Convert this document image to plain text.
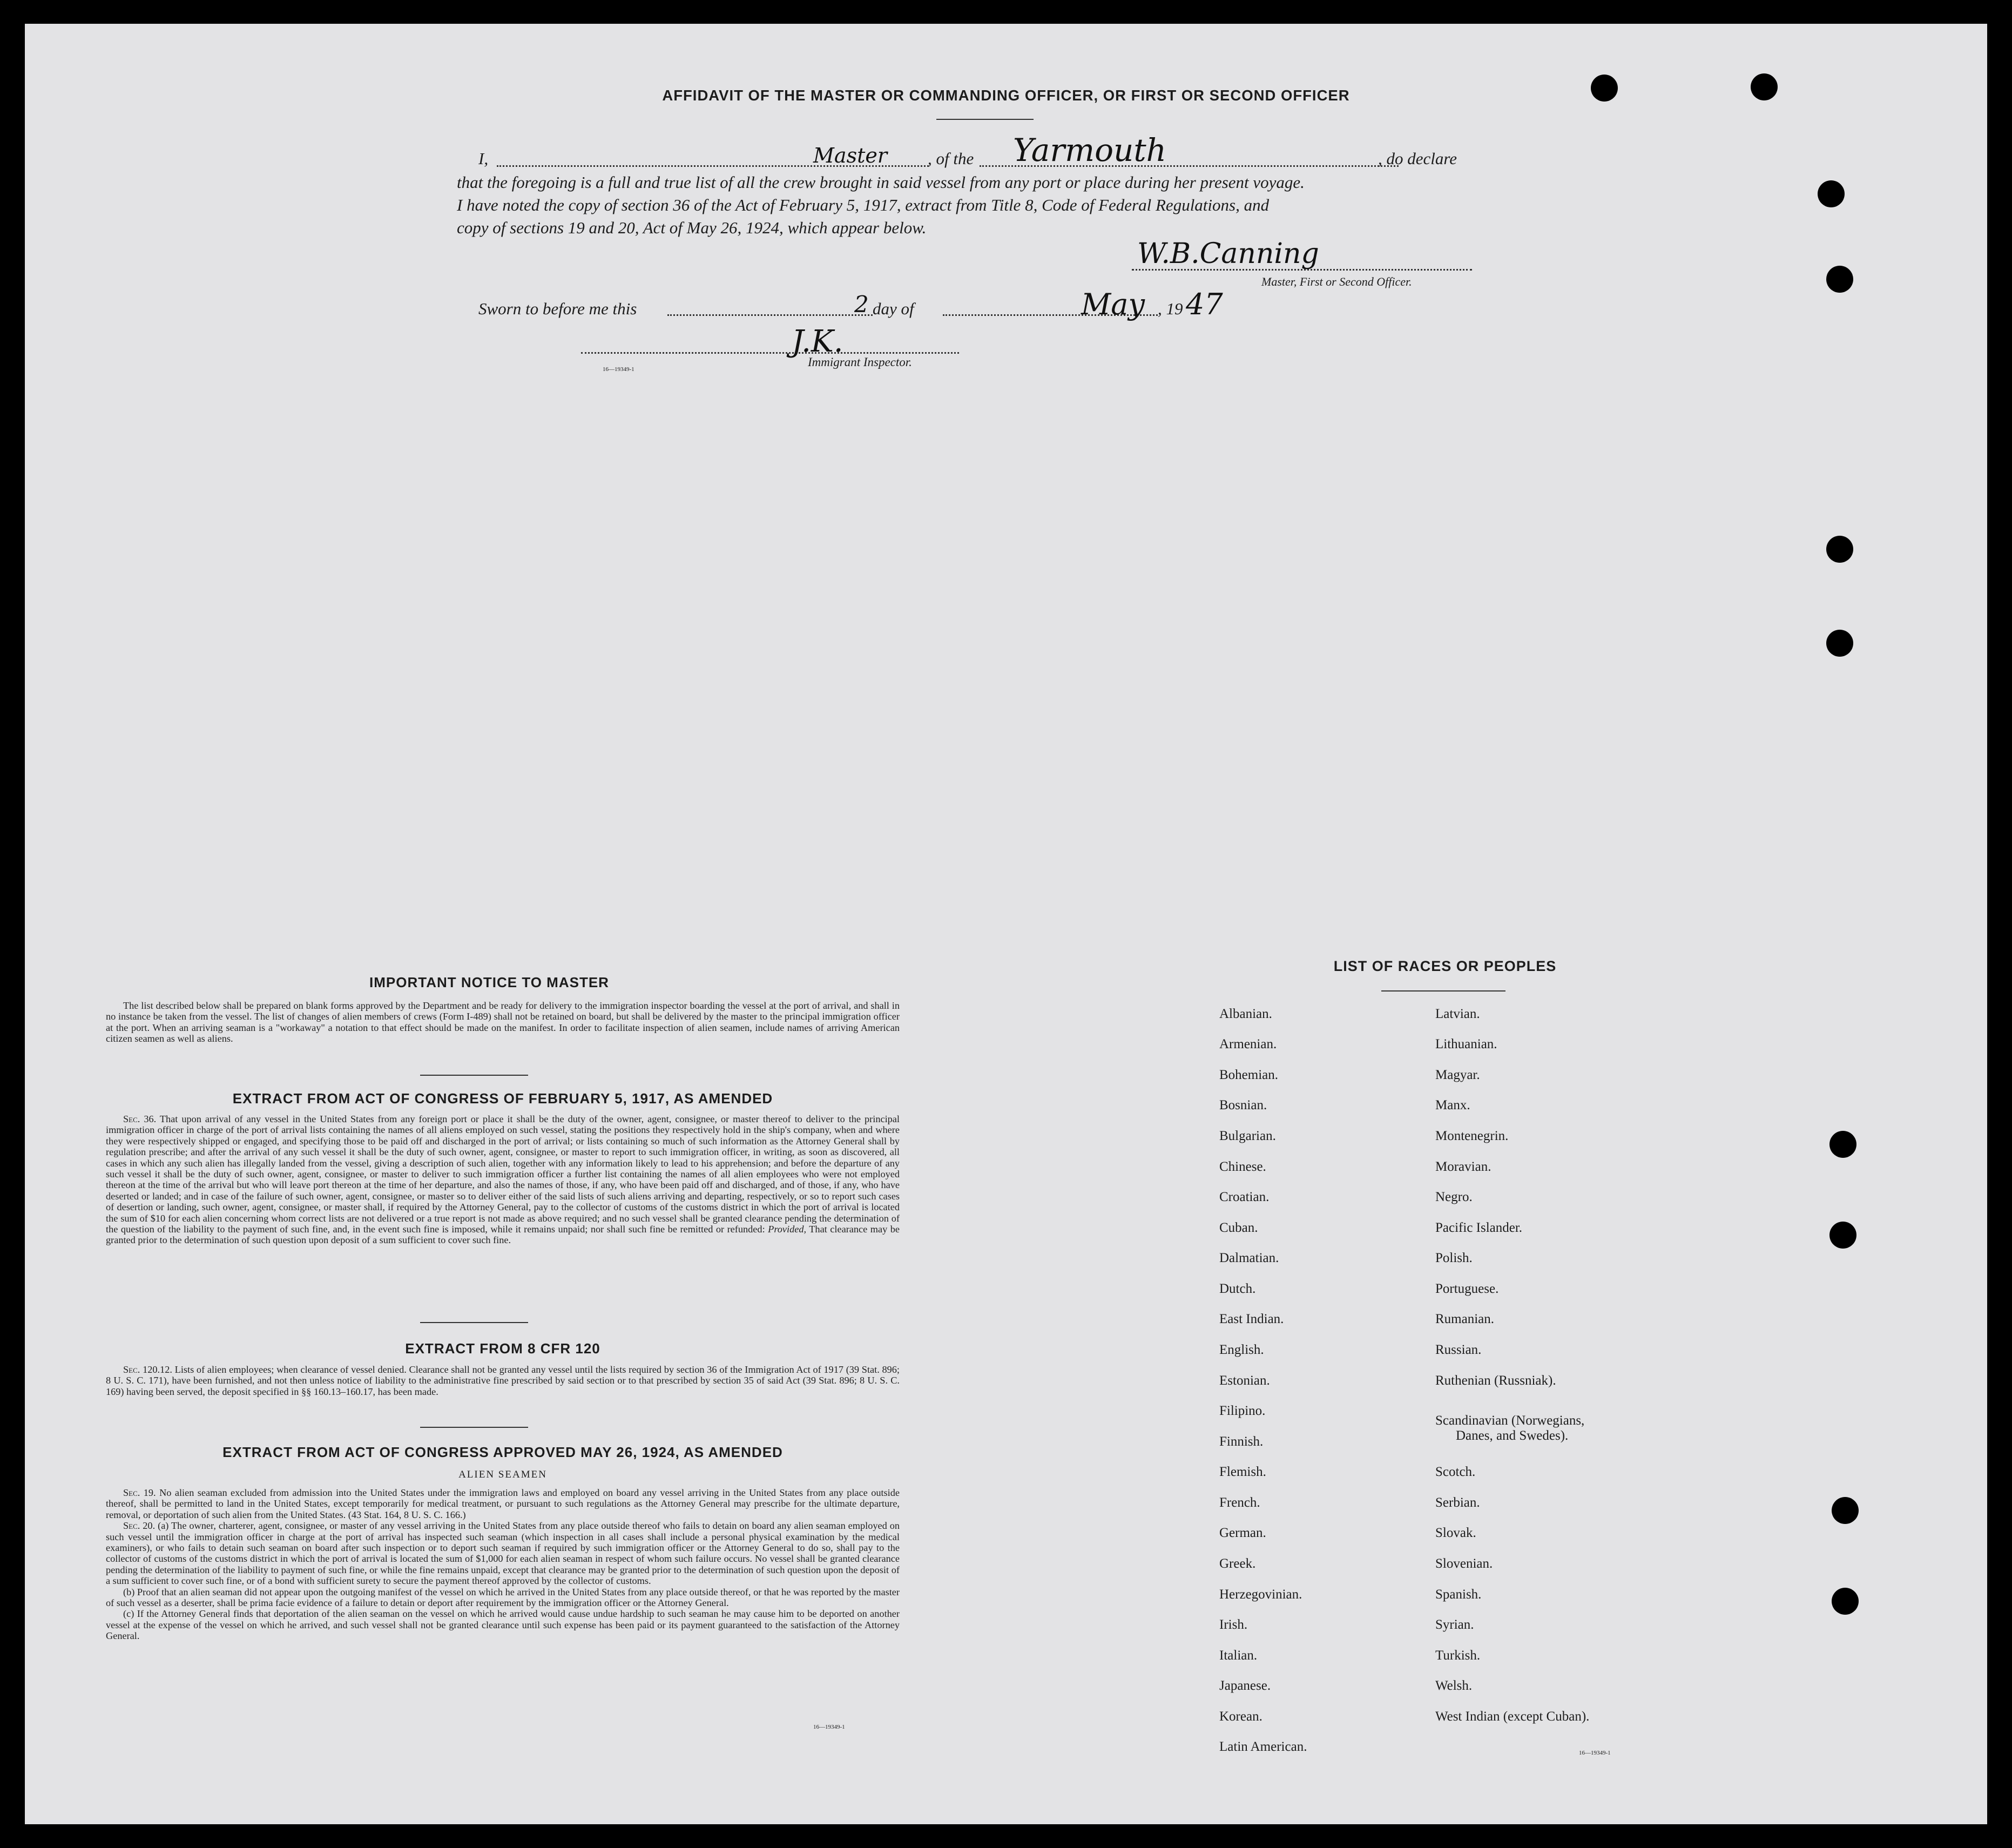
AFFIDAVIT OF THE MASTER OR COMMANDING OFFICER, OR FIRST OR SECOND OFFICER
I,	Master , of the Yarmouth	, do declare
that the foregoing is a full and true list of all the crew brought in said vessel from any port or place during her present voyage.
I have noted the copy of section 36 of the Act of February 5, 1917, extract from Title 8, Code of Federal Regulations, and
copy of sections 19 and 20, Act of May 26, 1924, which appear below.
W.B.Canning
Master, First or Second Officer.
Sworn to before me this	2 day of	May , 19 47
J.K.
Immigrant Inspector.
16—19349-1
IMPORTANT NOTICE TO MASTER

The list described below shall be prepared on blank forms approved by the Department and be ready for delivery to the immigration inspector boarding the vessel at the port of arrival, and shall in no instance be taken from the vessel. The list of changes of alien members of crews (Form I-489) shall not be retained on board, but shall be delivered by the master to the principal immigration officer at the port. When an arriving seaman is a "workaway" a notation to that effect should be made on the manifest. In order to facilitate inspection of alien seamen, include names of arriving American citizen seamen as well as aliens.

EXTRACT FROM ACT OF CONGRESS OF FEBRUARY 5, 1917, AS AMENDED

Sec. 36. That upon arrival of any vessel in the United States from any foreign port or place it shall be the duty of the owner, agent, consignee, or master thereof to deliver to the principal immigration officer in charge of the port of arrival lists containing the names of all aliens employed on such vessel, stating the positions they respectively hold in the ship's company, when and where they were respectively shipped or engaged, and specifying those to be paid off and discharged in the port of arrival; or lists containing so much of such information as the Attorney General shall by regulation prescribe; and after the arrival of any such vessel it shall be the duty of such owner, agent, consignee, or master to report to such immigration officer, in writing, as soon as discovered, all cases in which any such alien has illegally landed from the vessel, giving a description of such alien, together with any information likely to lead to his apprehension; and before the departure of any such vessel it shall be the duty of such owner, agent, consignee, or master to deliver to such immigration officer a further list containing the names of all alien employees who were not employed thereon at the time of the arrival but who will leave port thereon at the time of her departure, and also the names of those, if any, who have been paid off and discharged, and of those, if any, who have deserted or landed; and in case of the failure of such owner, agent, consignee, or master so to deliver either of the said lists of such aliens arriving and departing, respectively, or so to report such cases of desertion or landing, such owner, agent, consignee, or master shall, if required by the Attorney General, pay to the collector of customs of the customs district in which the port of arrival is located the sum of $10 for each alien concerning whom correct lists are not delivered or a true report is not made as above required; and no such vessel shall be granted clearance pending the determination of the question of the liability to the payment of such fine, and, in the event such fine is imposed, while it remains unpaid; nor shall such fine be remitted or refunded: Provided, That clearance may be granted prior to the determination of such question upon deposit of a sum sufficient to cover such fine.

EXTRACT FROM 8 CFR 120

Sec. 120.12. Lists of alien employees; when clearance of vessel denied. Clearance shall not be granted any vessel until the lists required by section 36 of the Immigration Act of 1917 (39 Stat. 896; 8 U. S. C. 171), have been furnished, and not then unless notice of liability to the administrative fine prescribed by said section or to that prescribed by section 35 of said Act (39 Stat. 896; 8 U. S. C. 169) having been served, the deposit specified in §§ 160.13–160.17, has been made.

EXTRACT FROM ACT OF CONGRESS APPROVED MAY 26, 1924, AS AMENDED
ALIEN SEAMEN

Sec. 19. No alien seaman excluded from admission into the United States under the immigration laws and employed on board any vessel arriving in the United States from any place outside thereof, shall be permitted to land in the United States, except temporarily for medical treatment, or pursuant to such regulations as the Attorney General may prescribe for the ultimate departure, removal, or deportation of such alien from the United States. (43 Stat. 164, 8 U. S. C. 166.)

Sec. 20. (a) The owner, charterer, agent, consignee, or master of any vessel arriving in the United States from any place outside thereof who fails to detain on board any alien seaman employed on such vessel until the immigration officer in charge at the port of arrival has inspected such seaman (which inspection in all cases shall include a personal physical examination by the medical examiners), or who fails to detain such seaman on board after such inspection or to deport such seaman if required by such immigration officer or the Attorney General to do so, shall pay to the collector of customs of the customs district in which the port of arrival is located the sum of $1,000 for each alien seaman in respect of whom such failure occurs. No vessel shall be granted clearance pending the determination of the liability to payment of such fine, or while the fine remains unpaid, except that clearance may be granted prior to the determination of such question upon the deposit of a sum sufficient to cover such fine, or of a bond with sufficient surety to secure the payment thereof approved by the collector of customs.

(b) Proof that an alien seaman did not appear upon the outgoing manifest of the vessel on which he arrived in the United States from any place outside thereof, or that he was reported by the master of such vessel as a deserter, shall be prima facie evidence of a failure to detain or deport after requirement by the immigration officer or the Attorney General.

(c) If the Attorney General finds that deportation of the alien seaman on the vessel on which he arrived would cause undue hardship to such seaman he may cause him to be deported on another vessel at the expense of the vessel on which he arrived, and such vessel shall not be granted clearance until such expense has been paid or its payment guaranteed to the satisfaction of the Attorney General.

16—19349-1
LIST OF RACES OR PEOPLES
Albanian.
Armenian.
Bohemian.
Bosnian.
Bulgarian.
Chinese.
Croatian.
Cuban.
Dalmatian.
Dutch.
East Indian.
English.
Estonian.
Filipino.
Finnish.
Flemish.
French.
German.
Greek.
Herzegovinian.
Irish.
Italian.
Japanese.
Korean.
Latin American.
Latvian.
Lithuanian.
Magyar.
Manx.
Montenegrin.
Moravian.
Negro.
Pacific Islander.
Polish.
Portuguese.
Rumanian.
Russian.
Ruthenian (Russniak).
Scandinavian (Norwegians,
Danes, and Swedes).
Scotch.
Serbian.
Slovak.
Slovenian.
Spanish.
Syrian.
Turkish.
Welsh.
West Indian (except Cuban).
16—19349-1
